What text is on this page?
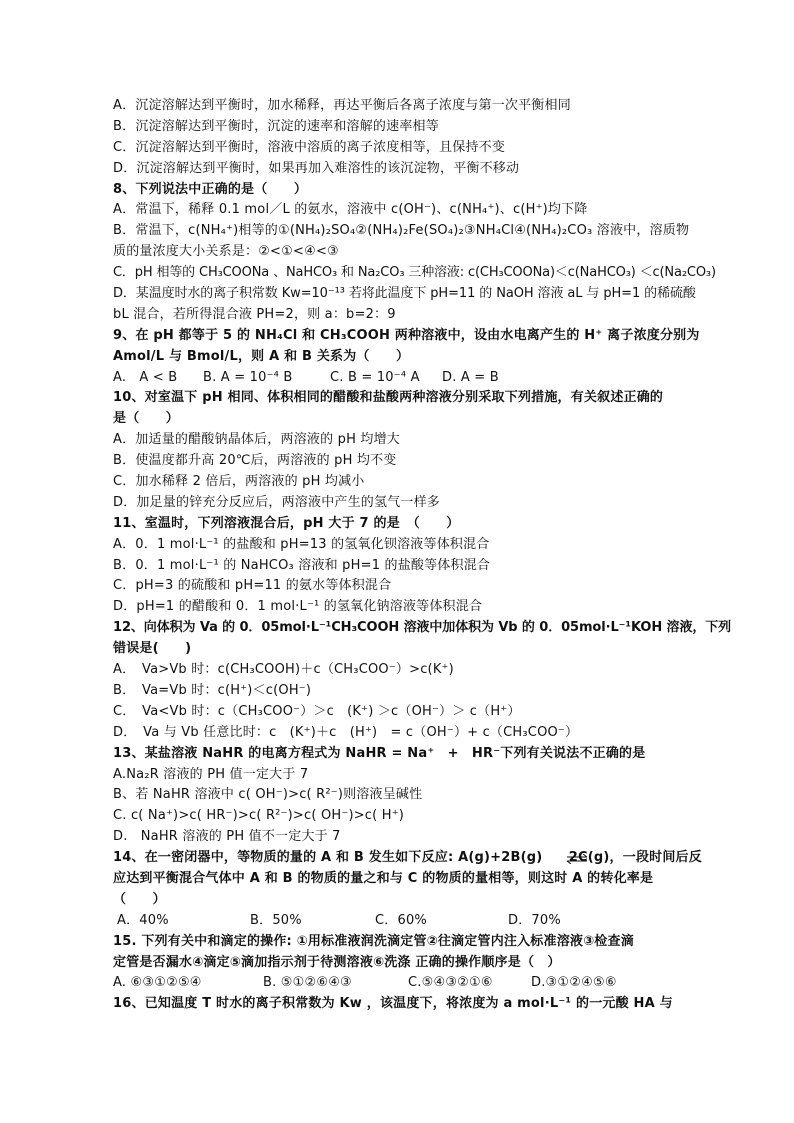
A．沉淀溶解达到平衡时，加水稀释，再达平衡后各离子浓度与第一次平衡相同
B．沉淀溶解达到平衡时，沉淀的速率和溶解的速率相等
C．沉淀溶解达到平衡时，溶液中溶质的离子浓度相等，且保持不变
D．沉淀溶解达到平衡时，如果再加入难溶性的该沉淀物，平衡不移动
8、下列说法中正确的是（　　）
A．常温下，稀释 0.1 mol／L 的氨水，溶液中 c(OH⁻)、c(NH₄⁺)、c(H⁺)均下降
B．常温下，c(NH₄⁺)相等的①(NH₄)₂SO₄②(NH₄)₂Fe(SO₄)₂③NH₄Cl④(NH₄)₂CO₃ 溶液中，溶质物
质的量浓度大小关系是：②<①<④<③
C．pH 相等的 CH₃COONa 、NaHCO₃ 和 Na₂CO₃ 三种溶液: c(CH₃COONa)＜c(NaHCO₃) ＜c(Na₂CO₃)
D．某温度时水的离子积常数 Kw=10⁻¹³ 若将此温度下 pH=11 的 NaOH 溶液 aL 与 pH=1 的稀硫酸
bL 混合，若所得混合液 PH=2，则 a：b=2：9
9、在 pH 都等于 5 的 NH₄Cl 和 CH₃COOH 两种溶液中，设由水电离产生的 H⁺ 离子浓度分别为
Amol/L 与 Bmol/L，则 A 和 B 关系为（　　）
A.　A < B	B. A = 10⁻⁴ B	C. B = 10⁻⁴ A	D. A = B
10、对室温下 pH 相同、体积相同的醋酸和盐酸两种溶液分别采取下列措施，有关叙述正确的
是（　　）
A．加适量的醋酸钠晶体后，两溶液的 pH 均增大
B．使温度都升高 20℃后，两溶液的 pH 均不变
C．加水稀释 2 倍后，两溶液的 pH 均减小
D．加足量的锌充分反应后，两溶液中产生的氢气一样多
11、室温时，下列溶液混合后，pH 大于 7 的是　（　　）
A．0．1 mol·L⁻¹ 的盐酸和 pH=13 的氢氧化钡溶液等体积混合
B．0．1 mol·L⁻¹ 的 NaHCO₃ 溶液和 pH=1 的盐酸等体积混合
C．pH=3 的硫酸和 pH=11 的氨水等体积混合
D．pH=1 的醋酸和 0．1 mol·L⁻¹ 的氢氧化钠溶液等体积混合
12、向体积为 Va 的 0．05mol·L⁻¹CH₃COOH 溶液中加体积为 Vb 的 0．05mol·L⁻¹KOH 溶液，下列
错误是(　　)
A．　Va>Vb 时：c(CH₃COOH)＋c（CH₃COO⁻）>c(K⁺)
B．　Va=Vb 时：c(H⁺)＜c(OH⁻)
C．　Va<Vb 时：c（CH₃COO⁻）＞c　(K⁺) ＞c（OH⁻）＞ c（H⁺）
D．　Va 与 Vb 任意比时：c　(K⁺)＋c　(H⁺)　= c（OH⁻）+ c（CH₃COO⁻）
13、某盐溶液 NaHR 的电离方程式为 NaHR = Na⁺　+　HR⁻下列有关说法不正确的是
A.Na₂R 溶液的 PH 值一定大于 7
B、若 NaHR 溶液中 c( OH⁻)>c( R²⁻)则溶液呈碱性
C. c( Na⁺)>c( HR⁻)>c( R²⁻)>c( OH⁻)>c( H⁺)
D.　NaHR 溶液的 PH 值不一定大于 7
14、在一密闭器中，等物质的量的 A 和 B 发生如下反应: A(g)+2B(g)　　2C(g)，一段时间后反
应达到平衡混合气体中 A 和 B 的物质的量之和与 C 的物质的量相等，则这时 A 的转化率是
（　　）
A．40%	B．50%	C．60%	D．70%
15. 下列有关中和滴定的操作: ①用标准液润洗滴定管②往滴定管内注入标准溶液③检查滴
定管是否漏水④滴定⑤滴加指示剂于待测溶液⑥洗涤 正确的操作顺序是（　）
A. ⑥③①②⑤④	B. ⑤①②⑥④③	C.⑤④③②①⑥	D.③①②④⑤⑥
16、已知温度 T 时水的离子积常数为 Kw ，该温度下，将浓度为 a mol·L⁻¹ 的一元酸 HA 与
